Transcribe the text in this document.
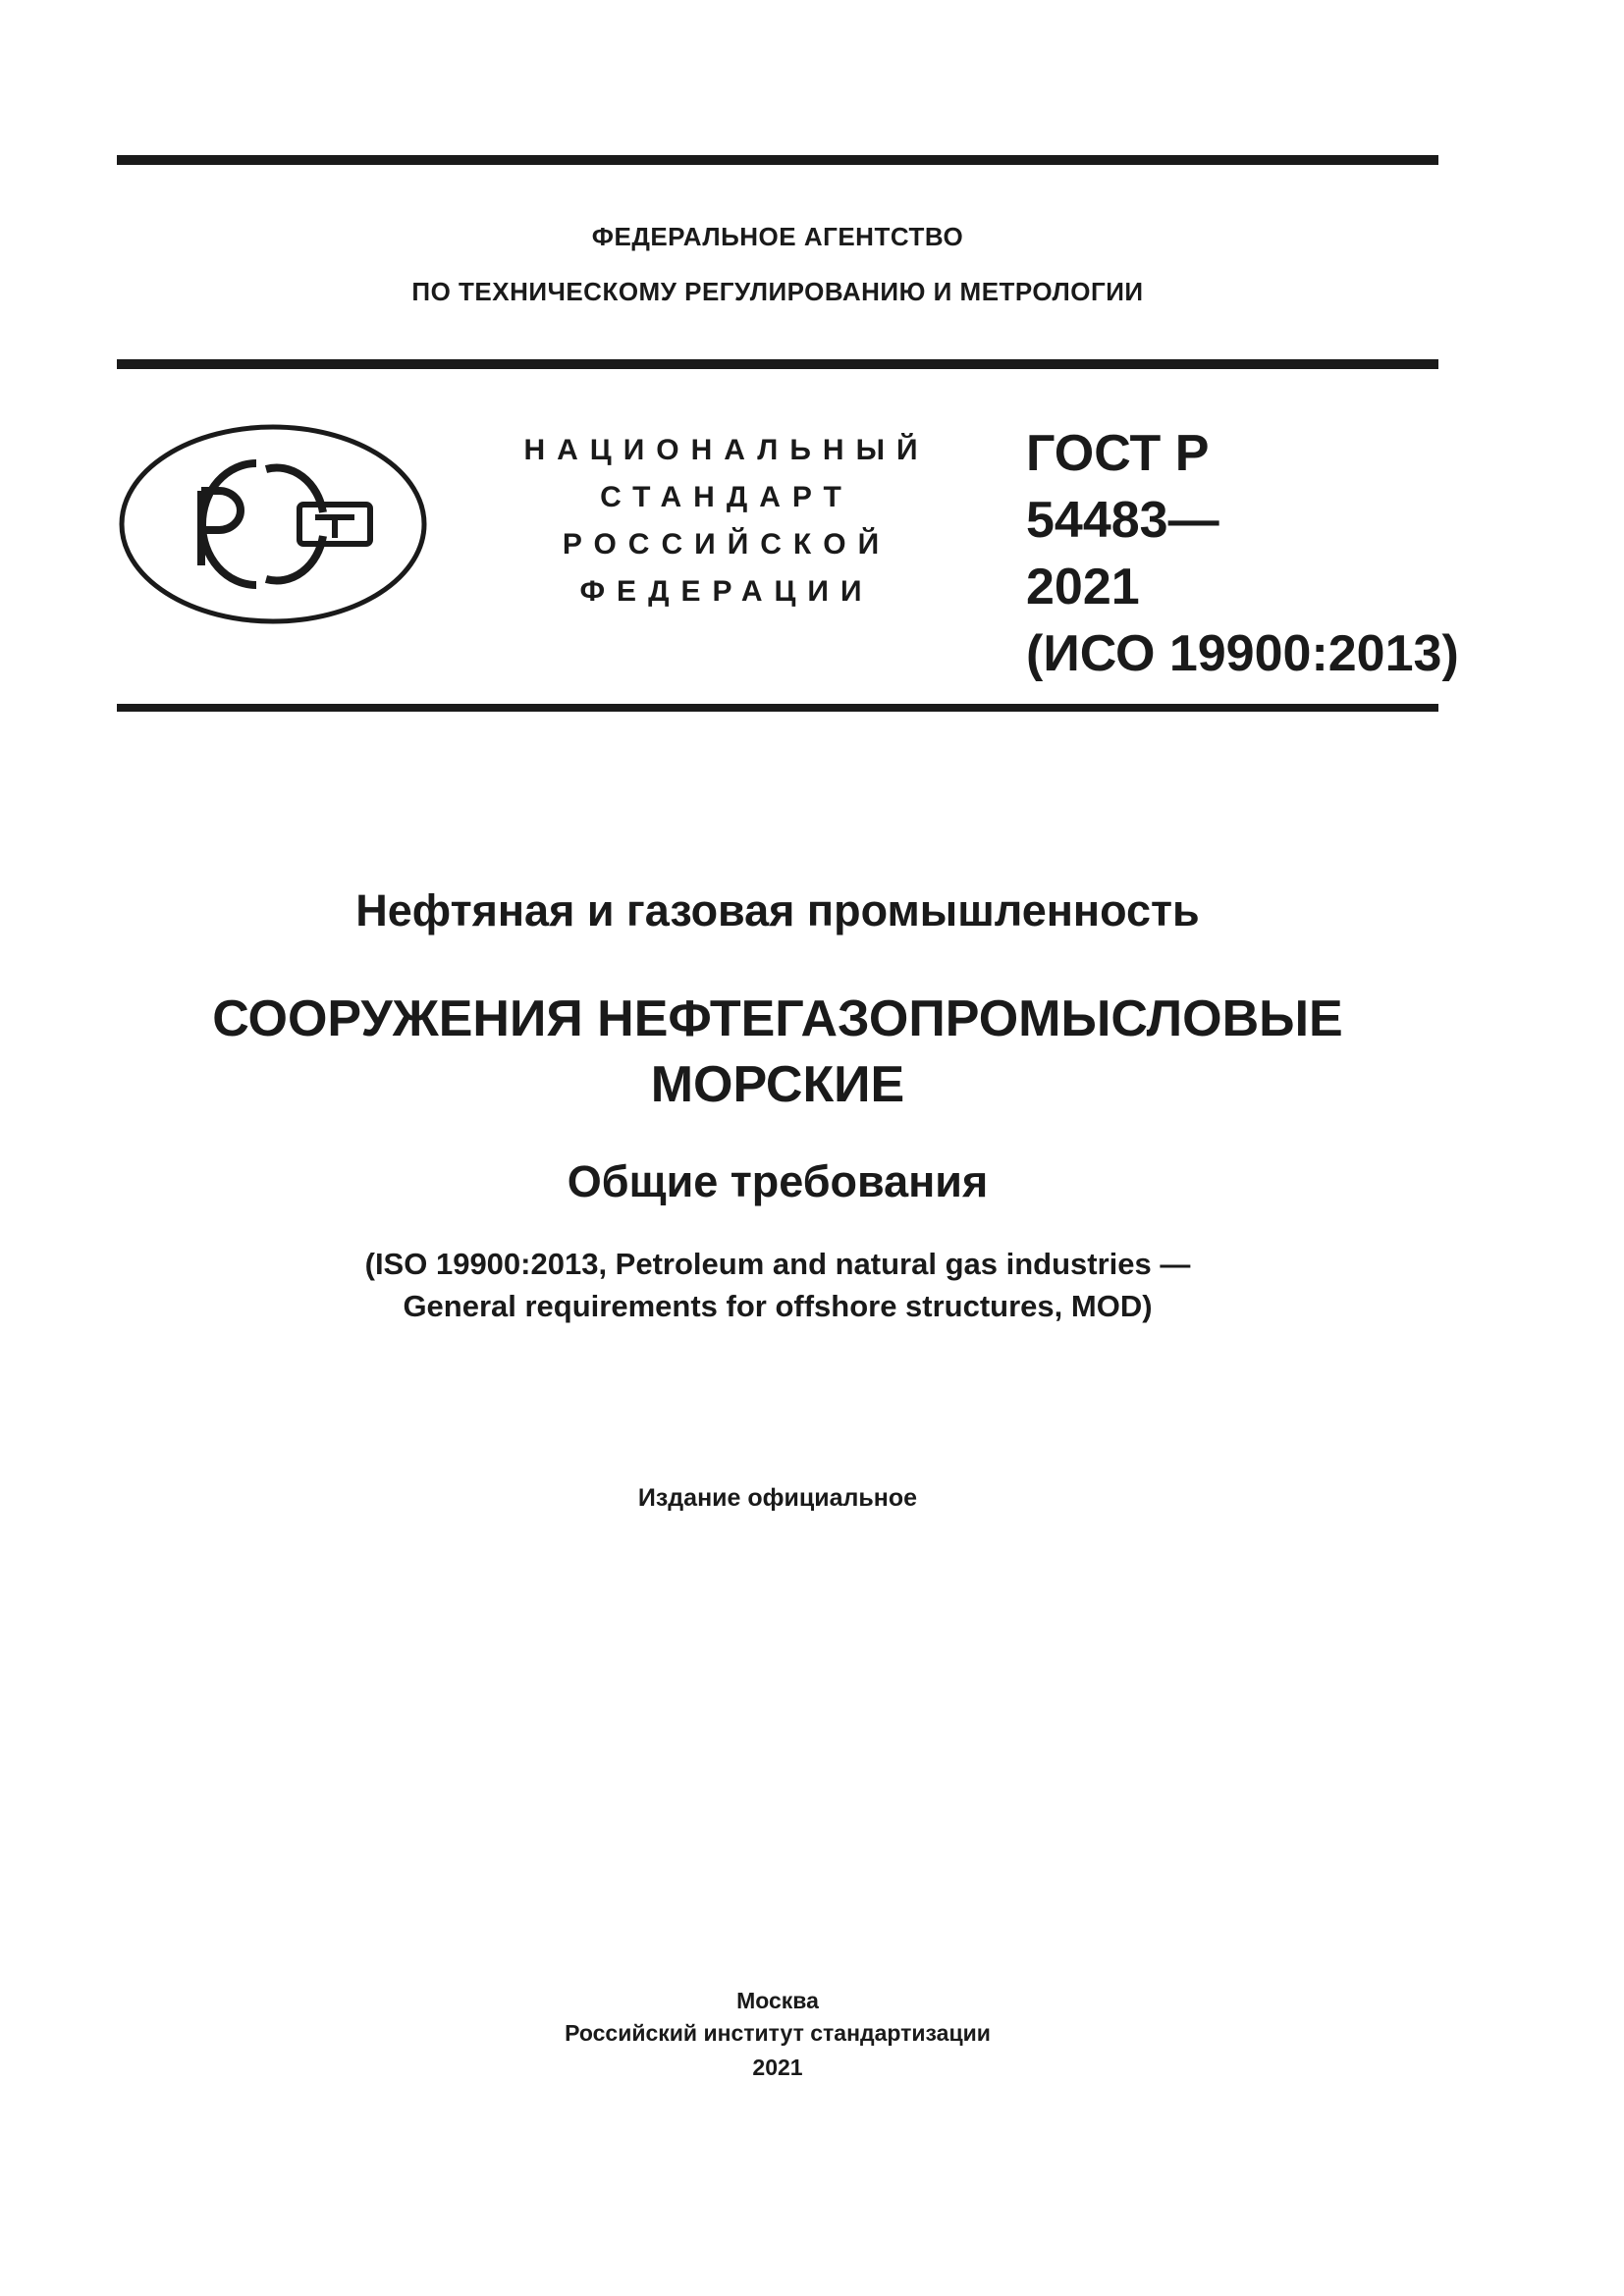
ФЕДЕРАЛЬНОЕ АГЕНТСТВО
ПО ТЕХНИЧЕСКОМУ РЕГУЛИРОВАНИЮ И МЕТРОЛОГИИ
НАЦИОНАЛЬНЫЙ
СТАНДАРТ
РОССИЙСКОЙ
ФЕДЕРАЦИИ
ГОСТ Р
54483—
2021
(ИСО 19900:2013)
Нефтяная и газовая промышленность
СООРУЖЕНИЯ НЕФТЕГАЗОПРОМЫСЛОВЫЕ
МОРСКИЕ
Общие требования
(ISO 19900:2013, Petroleum and natural gas industries —
General requirements for offshore structures, MOD)
Издание официальное
Москва
Российский институт стандартизации
2021
